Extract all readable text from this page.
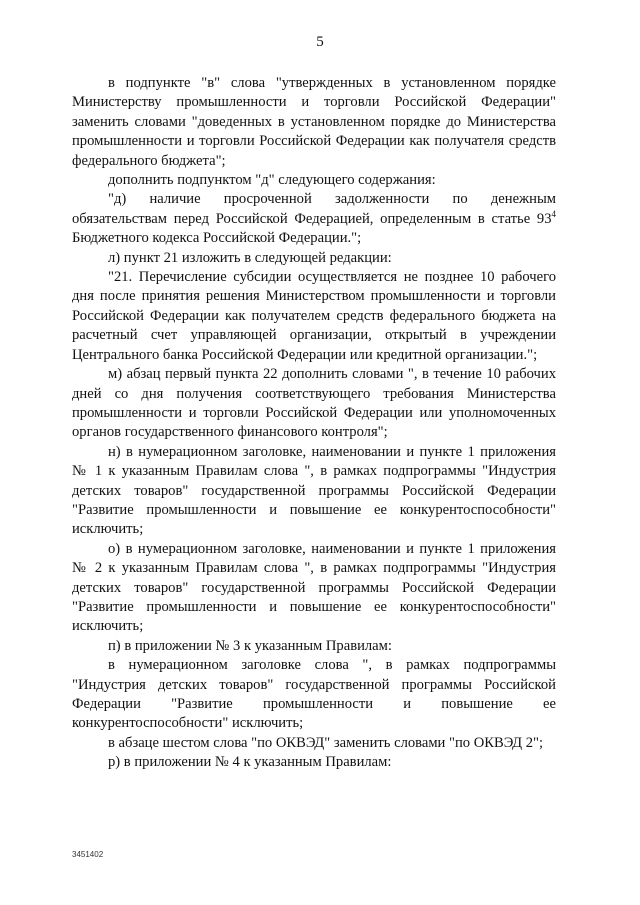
5

в подпункте "в" слова "утвержденных в установленном порядке Министерству промышленности и торговли Российской Федерации" заменить словами "доведенных в установленном порядке до Министерства промышленности и торговли Российской Федерации как получателя средств федерального бюджета";

дополнить подпунктом "д" следующего содержания:

"д) наличие просроченной задолженности по денежным обязательствам перед Российской Федерацией, определенным в статье $93^4$ Бюджетного кодекса Российской Федерации.";

л) пункт 21 изложить в следующей редакции:

"21. Перечисление субсидии осуществляется не позднее 10 рабочего дня после принятия решения Министерством промышленности и торговли Российской Федерации как получателем средств федерального бюджета на расчетный счет управляющей организации, открытый в учреждении Центрального банка Российской Федерации или кредитной организации.";

м) абзац первый пункта 22 дополнить словами ", в течение 10 рабочих дней со дня получения соответствующего требования Министерства промышленности и торговли Российской Федерации или уполномоченных органов государственного финансового контроля";

н) в нумерационном заголовке, наименовании и пункте 1 приложения № 1 к указанным Правилам слова ", в рамках подпрограммы "Индустрия детских товаров" государственной программы Российской Федерации "Развитие промышленности и повышение ее конкурентоспособности" исключить;

о) в нумерационном заголовке, наименовании и пункте 1 приложения № 2 к указанным Правилам слова ", в рамках подпрограммы "Индустрия детских товаров" государственной программы Российской Федерации "Развитие промышленности и повышение ее конкурентоспособности" исключить;

п) в приложении № 3 к указанным Правилам:

в нумерационном заголовке слова ", в рамках подпрограммы "Индустрия детских товаров" государственной программы Российской Федерации "Развитие промышленности и повышение ее конкурентоспособности" исключить;

в абзаце шестом слова "по ОКВЭД" заменить словами "по ОКВЭД 2";

р) в приложении № 4 к указанным Правилам:

3451402
